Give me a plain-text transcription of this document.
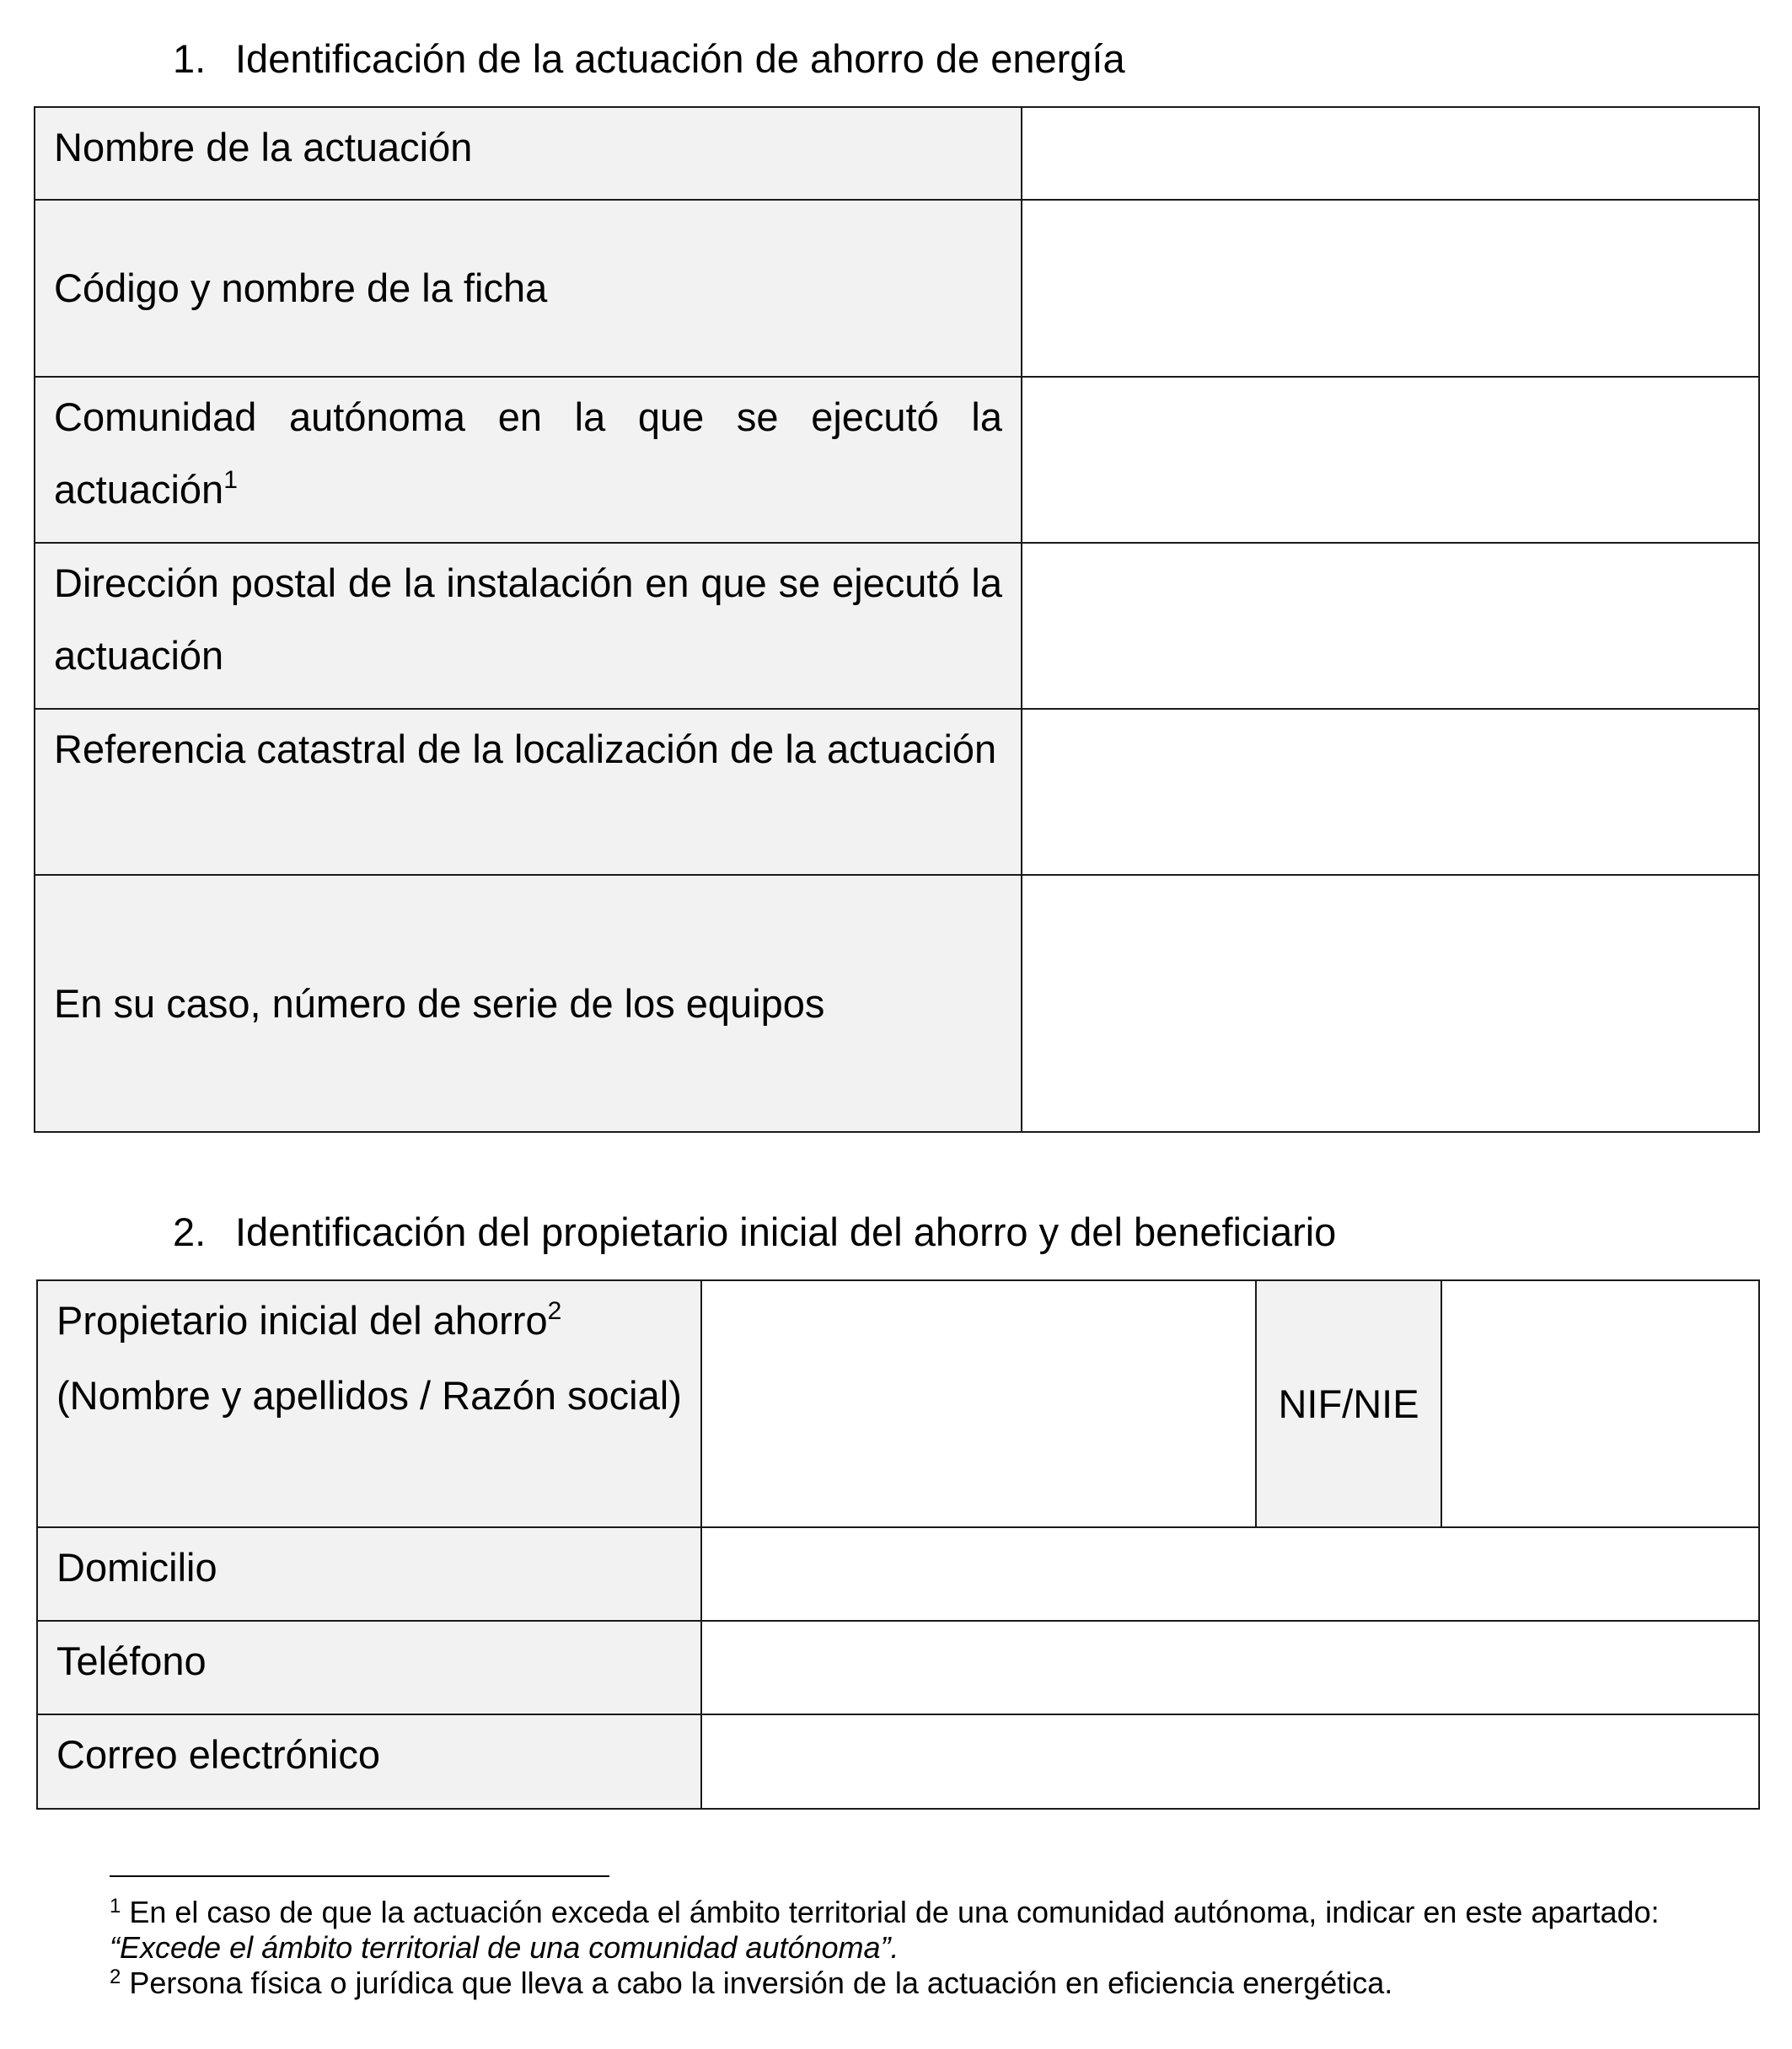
1. Identificación de la actuación de ahorro de energía
Nombre de la actuación	
Código y nombre de la ficha	
Comunidad autónoma en la que se ejecutó la actuación$^1$	
Dirección postal de la instalación en que se ejecutó la actuación	
Referencia catastral de la localización de la actuación	
En su caso, número de serie de los equipos	
2. Identificación del propietario inicial del ahorro y del beneficiario
Propietario inicial del ahorro$^2$
(Nombre y apellidos / Razón social)		NIF/NIE	
Domicilio			
Teléfono			
Correo electrónico			

$^1$ En el caso de que la actuación exceda el ámbito territorial de una comunidad autónoma, indicar en este apartado: “Excede el ámbito territorial de una comunidad autónoma”.

$^2$ Persona física o jurídica que lleva a cabo la inversión de la actuación en eficiencia energética.
